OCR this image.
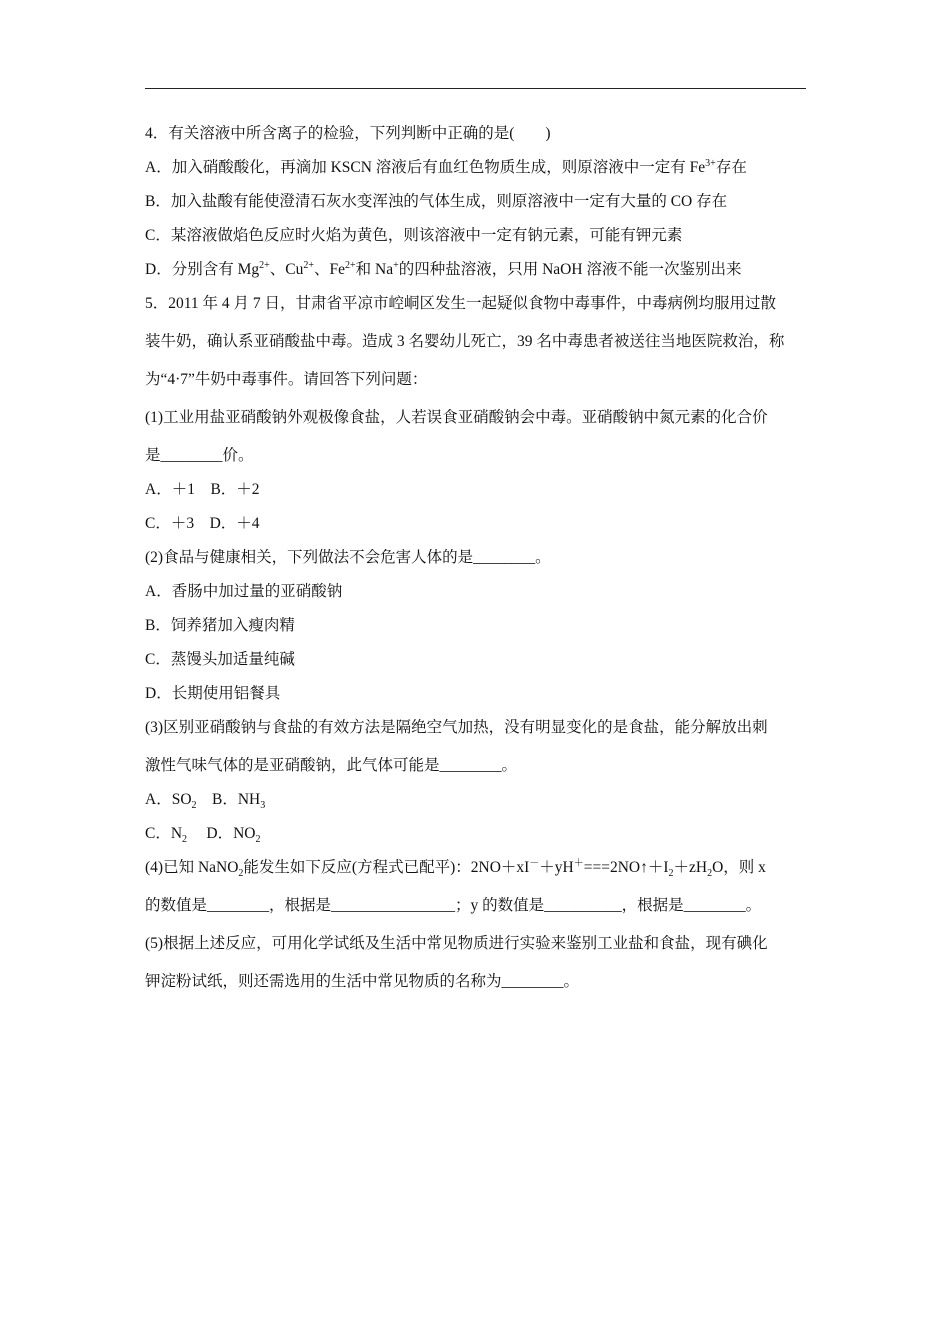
4．有关溶液中所含离子的检验，下列判断中正确的是(　　)

A．加入硝酸酸化，再滴加 KSCN 溶液后有血红色物质生成，则原溶液中一定有 $Fe^{3+}$存在

B．加入盐酸有能使澄清石灰水变浑浊的气体生成，则原溶液中一定有大量的 CO 存在

C．某溶液做焰色反应时火焰为黄色，则该溶液中一定有钠元素，可能有钾元素

D．分别含有 $Mg^{2+}$、$Cu^{2+}$、$Fe^{2+}$和 Na+的四种盐溶液，只用 NaOH 溶液不能一次鉴别出来

5．2011 年 4 月 7 日，甘肃省平凉市崆峒区发生一起疑似食物中毒事件，中毒病例均服用过散

装牛奶，确认系亚硝酸盐中毒。造成 3 名婴幼儿死亡，39 名中毒患者被送往当地医院救治，称

为“4·7”牛奶中毒事件。请回答下列问题：

(1)工业用盐亚硝酸钠外观极像食盐，人若误食亚硝酸钠会中毒。亚硝酸钠中氮元素的化合价

是________价。

A．＋1　B．＋2

C．＋3　D．＋4

(2)食品与健康相关，下列做法不会危害人体的是________。

A．香肠中加过量的亚硝酸钠

B．饲养猪加入瘦肉精

C．蒸馒头加适量纯碱

D．长期使用铝餐具

(3)区别亚硝酸钠与食盐的有效方法是隔绝空气加热，没有明显变化的是食盐，能分解放出刺

激性气味气体的是亚硝酸钠，此气体可能是________。

A．$SO_2$　B．$NH_3$

C．$N_2$　 D．$NO_2$

(4)已知 NaNO$_2$能发生如下反应(方程式已配平)：$2NO+xI^-+yH^+===2NO↑+I_2+zH_2O$，则 x

的数值是________，根据是________________；y 的数值是__________，根据是________。

(5)根据上述反应，可用化学试纸及生活中常见物质进行实验来鉴别工业盐和食盐，现有碘化

钾淀粉试纸，则还需选用的生活中常见物质的名称为________。
